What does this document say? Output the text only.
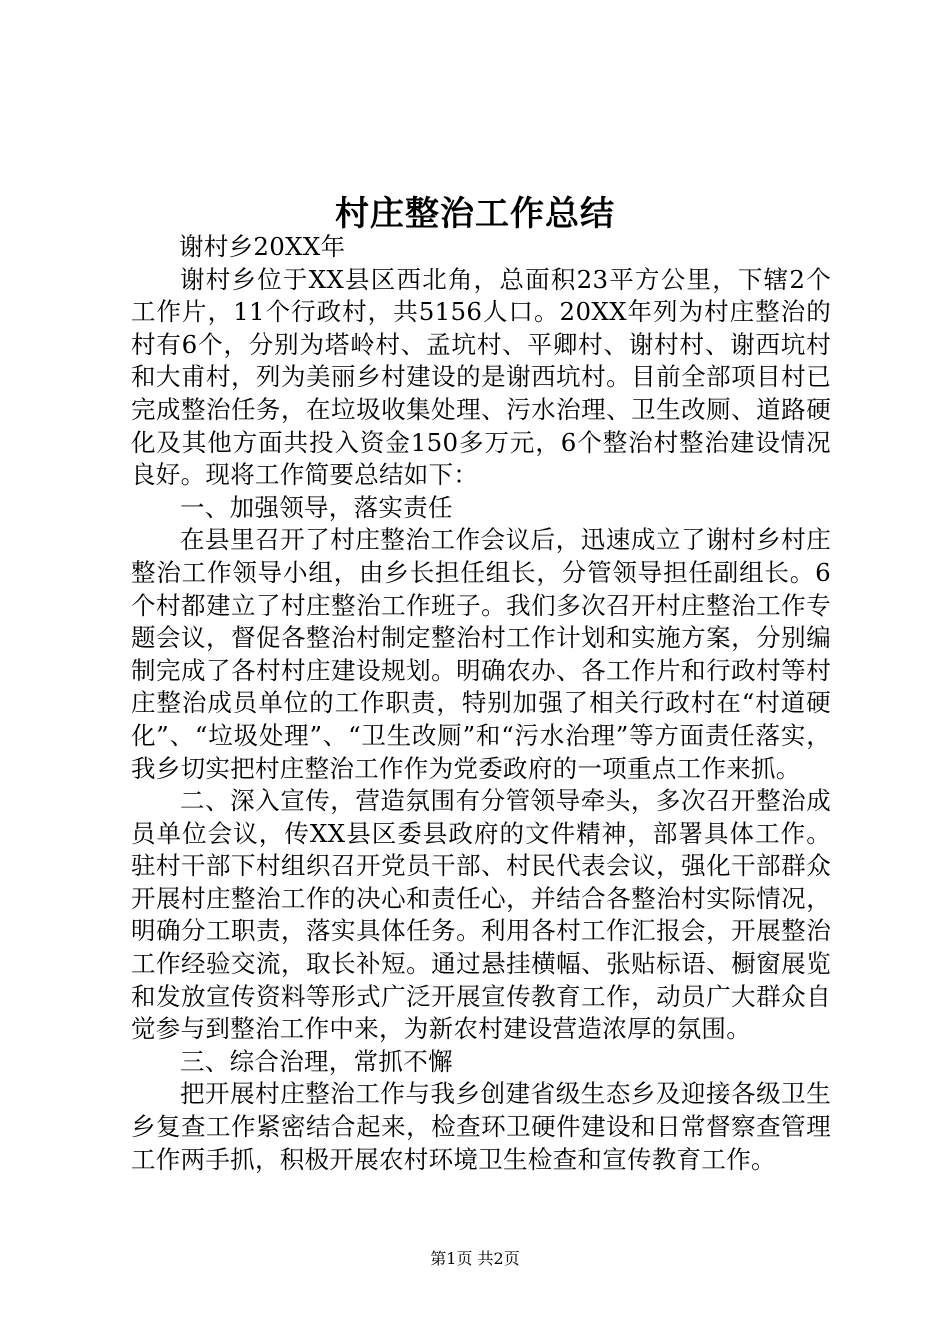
村庄整治工作总结

谢村乡20XX年

谢村乡位于XX县区西北角，总面积23平方公里，下辖2个工作片，11个行政村，共5156人口。20XX年列为村庄整治的村有6个，分别为塔岭村、孟坑村、平卿村、谢村村、谢西坑村和大甫村，列为美丽乡村建设的是谢西坑村。目前全部项目村已完成整治任务，在垃圾收集处理、污水治理、卫生改厕、道路硬化及其他方面共投入资金150多万元，6个整治村整治建设情况良好。现将工作简要总结如下：

一、加强领导，落实责任

在县里召开了村庄整治工作会议后，迅速成立了谢村乡村庄整治工作领导小组，由乡长担任组长，分管领导担任副组长。6个村都建立了村庄整治工作班子。我们多次召开村庄整治工作专题会议，督促各整治村制定整治村工作计划和实施方案，分别编制完成了各村村庄建设规划。明确农办、各工作片和行政村等村庄整治成员单位的工作职责，特别加强了相关行政村在“村道硬化”、“垃圾处理”、“卫生改厕”和“污水治理”等方面责任落实，我乡切实把村庄整治工作作为党委政府的一项重点工作来抓。

二、深入宣传，营造氛围有分管领导牵头，多次召开整治成员单位会议，传XX县区委县政府的文件精神，部署具体工作。驻村干部下村组织召开党员干部、村民代表会议，强化干部群众开展村庄整治工作的决心和责任心，并结合各整治村实际情况，明确分工职责，落实具体任务。利用各村工作汇报会，开展整治工作经验交流，取长补短。通过悬挂横幅、张贴标语、橱窗展览和发放宣传资料等形式广泛开展宣传教育工作，动员广大群众自觉参与到整治工作中来，为新农村建设营造浓厚的氛围。

三、综合治理，常抓不懈

把开展村庄整治工作与我乡创建省级生态乡及迎接各级卫生乡复查工作紧密结合起来，检查环卫硬件建设和日常督察查管理工作两手抓，积极开展农村环境卫生检查和宣传教育工作。

第1页 共2页
